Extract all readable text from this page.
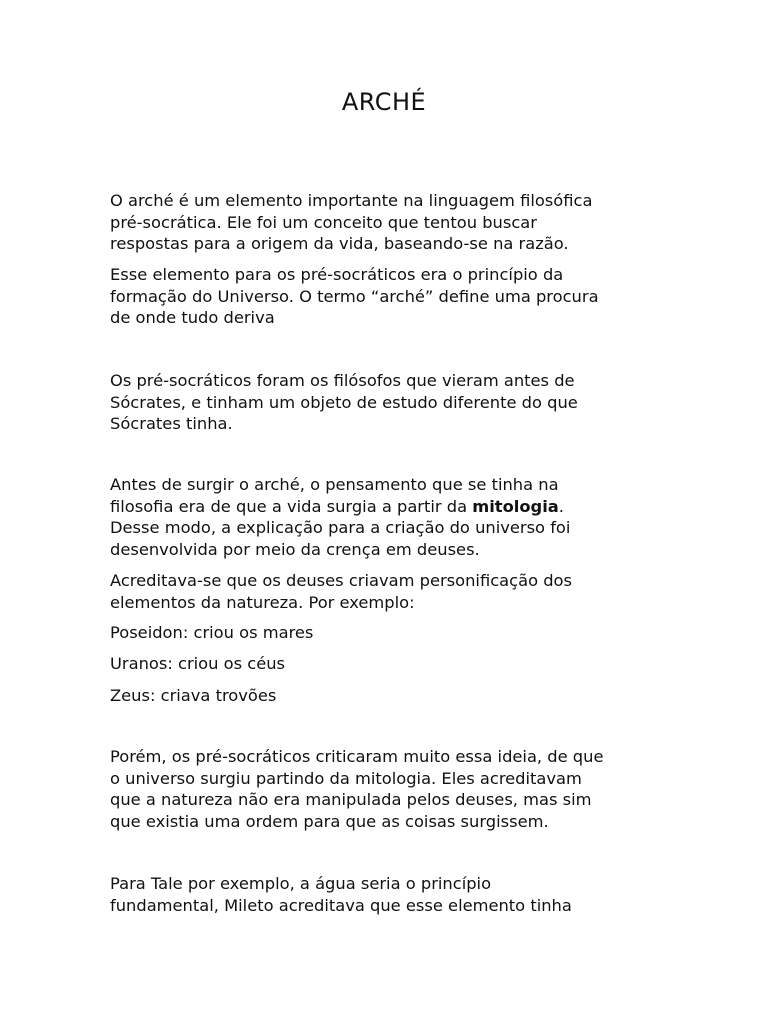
ARCHÉ

O arché é um elemento importante na linguagem filosófica
pré-socrática. Ele foi um conceito que tentou buscar
respostas para a origem da vida, baseando-se na razão.

Esse elemento para os pré-socráticos era o princípio da
formação do Universo. O termo “arché” define uma procura
de onde tudo deriva

Os pré-socráticos foram os filósofos que vieram antes de
Sócrates, e tinham um objeto de estudo diferente do que
Sócrates tinha.

Antes de surgir o arché, o pensamento que se tinha na
filosofia era de que a vida surgia a partir da mitologia.
Desse modo, a explicação para a criação do universo foi
desenvolvida por meio da crença em deuses.

Acreditava-se que os deuses criavam personificação dos
elementos da natureza. Por exemplo:

Poseidon: criou os mares

Uranos: criou os céus

Zeus: criava trovões

Porém, os pré-socráticos criticaram muito essa ideia, de que
o universo surgiu partindo da mitologia. Eles acreditavam
que a natureza não era manipulada pelos deuses, mas sim
que existia uma ordem para que as coisas surgissem.

Para Tale por exemplo, a água seria o princípio
fundamental, Mileto acreditava que esse elemento tinha
